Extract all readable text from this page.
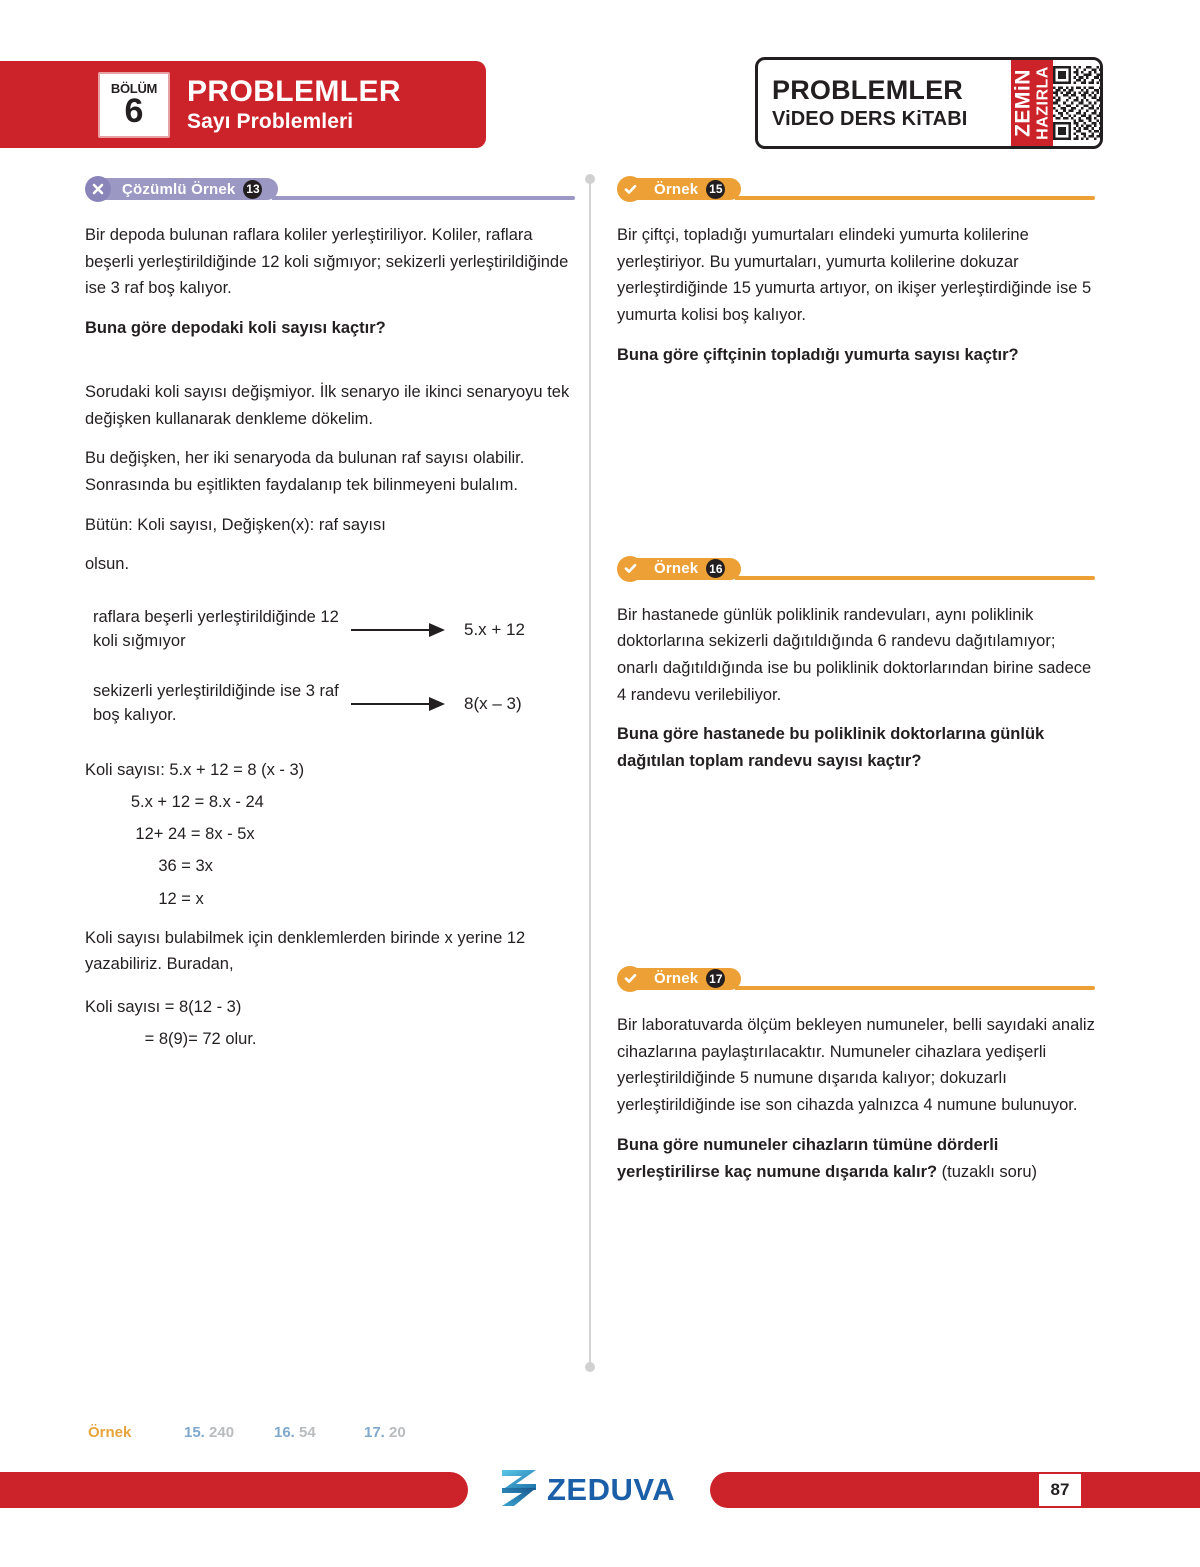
BÖLÜM
6
PROBLEMLER
Sayı Problemleri
PROBLEMLER
ViDEO DERS KiTABI	ZEMiN HAZIRLA
Çözümlü Örnek 13

Bir depoda bulunan raflara koliler yerleştiriliyor. Koliler, raflara beşerli yerleştirildiğinde 12 koli sığmıyor; sekizerli yerleştirildiğinde ise 3 raf boş kalıyor.

Buna göre depodaki koli sayısı kaçtır?

Sorudaki koli sayısı değişmiyor. İlk senaryo ile ikinci senaryoyu tek değişken kullanarak denkleme dökelim.

Bu değişken, her iki senaryoda da bulunan raf sayısı olabilir. Sonrasında bu eşitlikten faydalanıp tek bilinmeyeni bulalım.

Bütün: Koli sayısı, Değişken(x): raf sayısı

olsun.

raflara beşerli yerleştirildiğinde 12 koli sığmıyor
5.x + 12
sekizerli yerleştirildiğinde ise 3 raf boş kalıyor.
8(x – 3)
Koli sayısı: 5.x + 12 = 8 (x - 3)
5.x + 12 = 8.x - 24
12+ 24 = 8x - 5x
36 = 3x
12 = x

Koli sayısı bulabilmek için denklemlerden birinde x yerine 12 yazabiliriz. Buradan,

Koli sayısı = 8(12 - 3)
= 8(9)= 72 olur.
Örnek 15

Bir çiftçi, topladığı yumurtaları elindeki yumurta kolilerine yerleştiriyor. Bu yumurtaları, yumurta kolilerine dokuzar yerleştirdiğinde 15 yumurta artıyor, on ikişer yerleştirdiğinde ise 5 yumurta kolisi boş kalıyor.

Buna göre çiftçinin topladığı yumurta sayısı kaçtır?

Örnek 16

Bir hastanede günlük poliklinik randevuları, aynı poliklinik doktorlarına sekizerli dağıtıldığında 6 randevu dağıtılamıyor; onarlı dağıtıldığında ise bu poliklinik doktorlarından birine sadece 4 randevu verilebiliyor.

Buna göre hastanede bu poliklinik doktorlarına günlük dağıtılan toplam randevu sayısı kaçtır?

Örnek 17

Bir laboratuvarda ölçüm bekleyen numuneler, belli sayıdaki analiz cihazlarına paylaştırılacaktır. Numuneler cihazlara yedişerli yerleştirildiğinde 5 numune dışarıda kalıyor; dokuzarlı yerleştirildiğinde ise son cihazda yalnızca 4 numune bulunuyor.

Buna göre numuneler cihazların tümüne dörderli yerleştirilirse kaç numune dışarıda kalır? (tuzaklı soru)

Örnek	15. 240	16. 54	17. 20
ZEDUVA	87
